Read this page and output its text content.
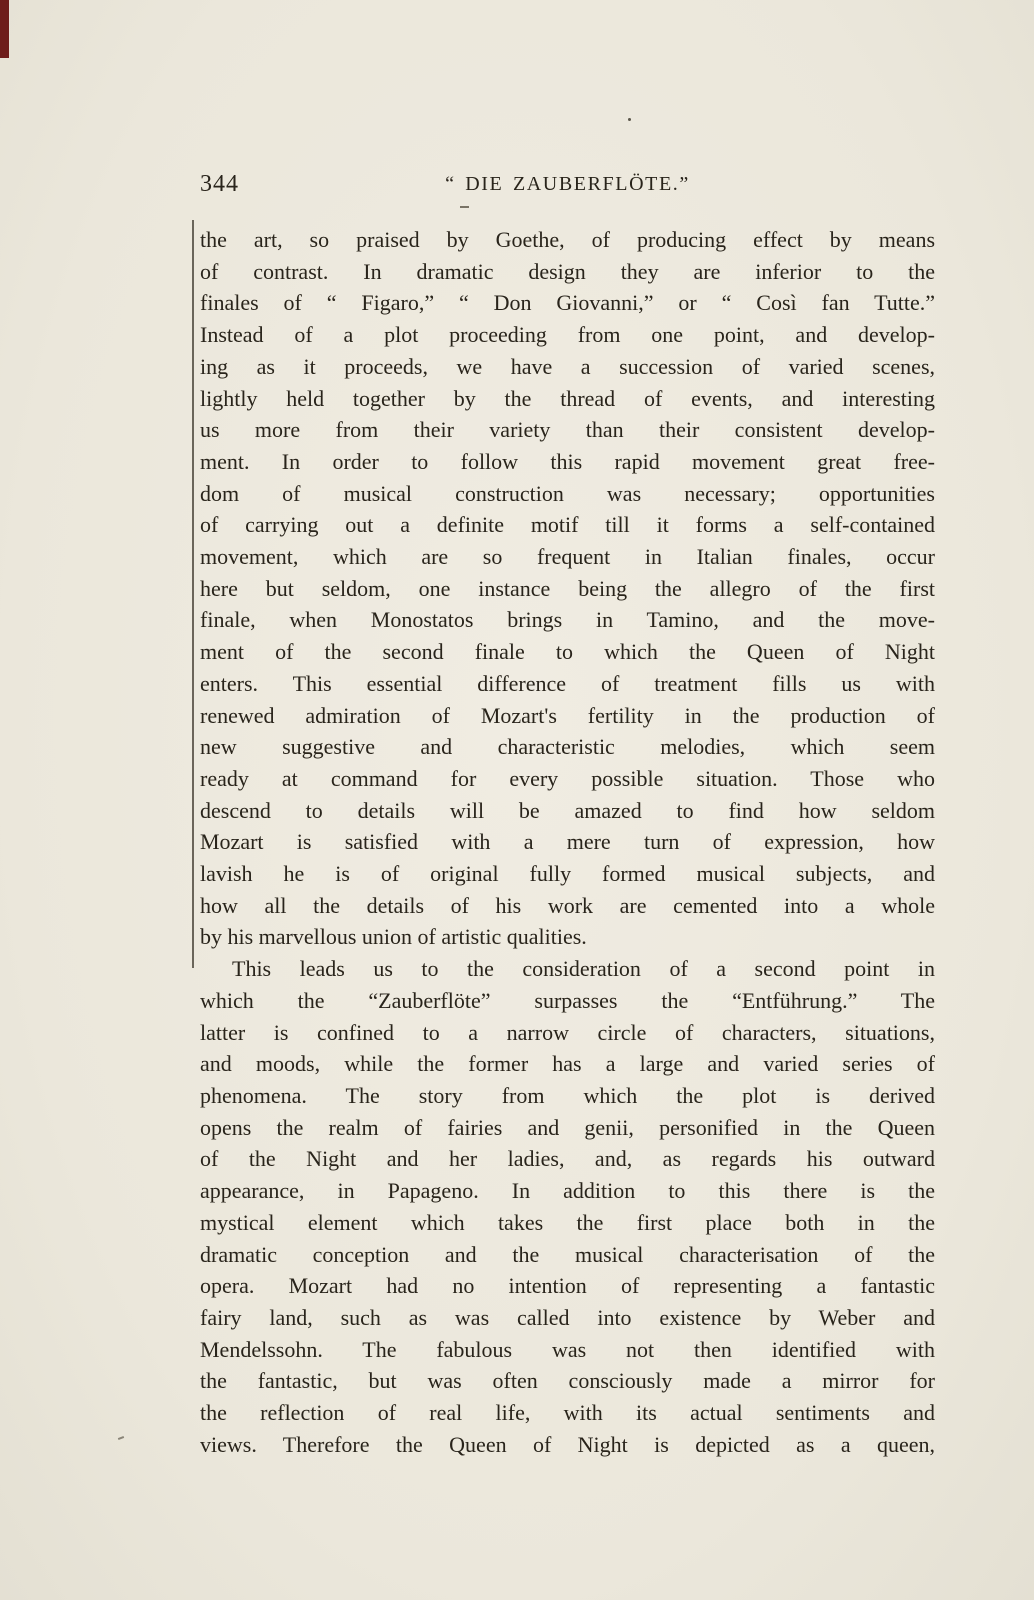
344	“ DIE ZAUBERFLÖTE.”
the art, so praised by Goethe, of producing effect by means
of contrast. In dramatic design they are inferior to the
finales of “ Figaro,” “ Don Giovanni,” or “ Così fan Tutte.”
Instead of a plot proceeding from one point, and develop-
ing as it proceeds, we have a succession of varied scenes,
lightly held together by the thread of events, and interesting
us more from their variety than their consistent develop-
ment. In order to follow this rapid movement great free-
dom of musical construction was necessary; opportunities
of carrying out a definite motif till it forms a self-contained
movement, which are so frequent in Italian finales, occur
here but seldom, one instance being the allegro of the first
finale, when Monostatos brings in Tamino, and the move-
ment of the second finale to which the Queen of Night
enters. This essential difference of treatment fills us with
renewed admiration of Mozart's fertility in the production of
new suggestive and characteristic melodies, which seem
ready at command for every possible situation. Those who
descend to details will be amazed to find how seldom
Mozart is satisfied with a mere turn of expression, how
lavish he is of original fully formed musical subjects, and
how all the details of his work are cemented into a whole
by his marvellous union of artistic qualities.
This leads us to the consideration of a second point in
which the “Zauberflöte” surpasses the “Entführung.” The
latter is confined to a narrow circle of characters, situations,
and moods, while the former has a large and varied series of
phenomena. The story from which the plot is derived
opens the realm of fairies and genii, personified in the Queen
of the Night and her ladies, and, as regards his outward
appearance, in Papageno. In addition to this there is the
mystical element which takes the first place both in the
dramatic conception and the musical characterisation of the
opera. Mozart had no intention of representing a fantastic
fairy land, such as was called into existence by Weber and
Mendelssohn. The fabulous was not then identified with
the fantastic, but was often consciously made a mirror for
the reflection of real life, with its actual sentiments and
views. Therefore the Queen of Night is depicted as a queen,
